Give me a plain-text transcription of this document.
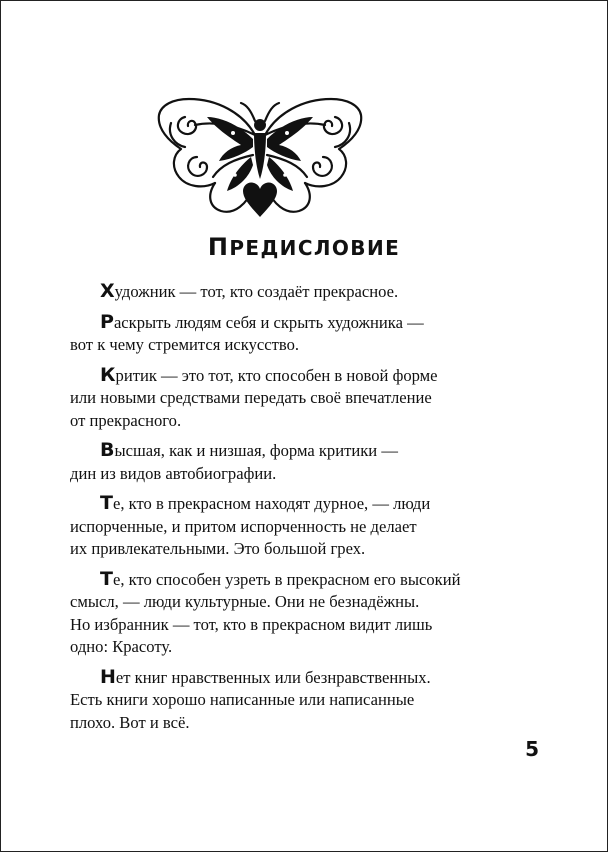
ПРЕДИСЛОВИЕ
Художник — тот, кто создаёт прекрасное.
Раскрыть людям себя и скрыть художника —
вот к чему стремится искусство.
Критик — это тот, кто способен в новой форме
или новыми средствами передать своё впечатление
от прекрасного.
Высшая, как и низшая, форма критики —
дин из видов автобиографии.
Те, кто в прекрасном находят дурное, — люди
испорченные, и притом испорченность не делает
их привлекательными. Это большой грех.
Те, кто способен узреть в прекрасном его высокий
смысл, — люди культурные. Они не безнадёжны.
Но избранник — тот, кто в прекрасном видит лишь
одно: Красоту.
Нет книг нравственных или безнравственных.
Есть книги хорошо написанные или написанные
плохо. Вот и всё.
5
